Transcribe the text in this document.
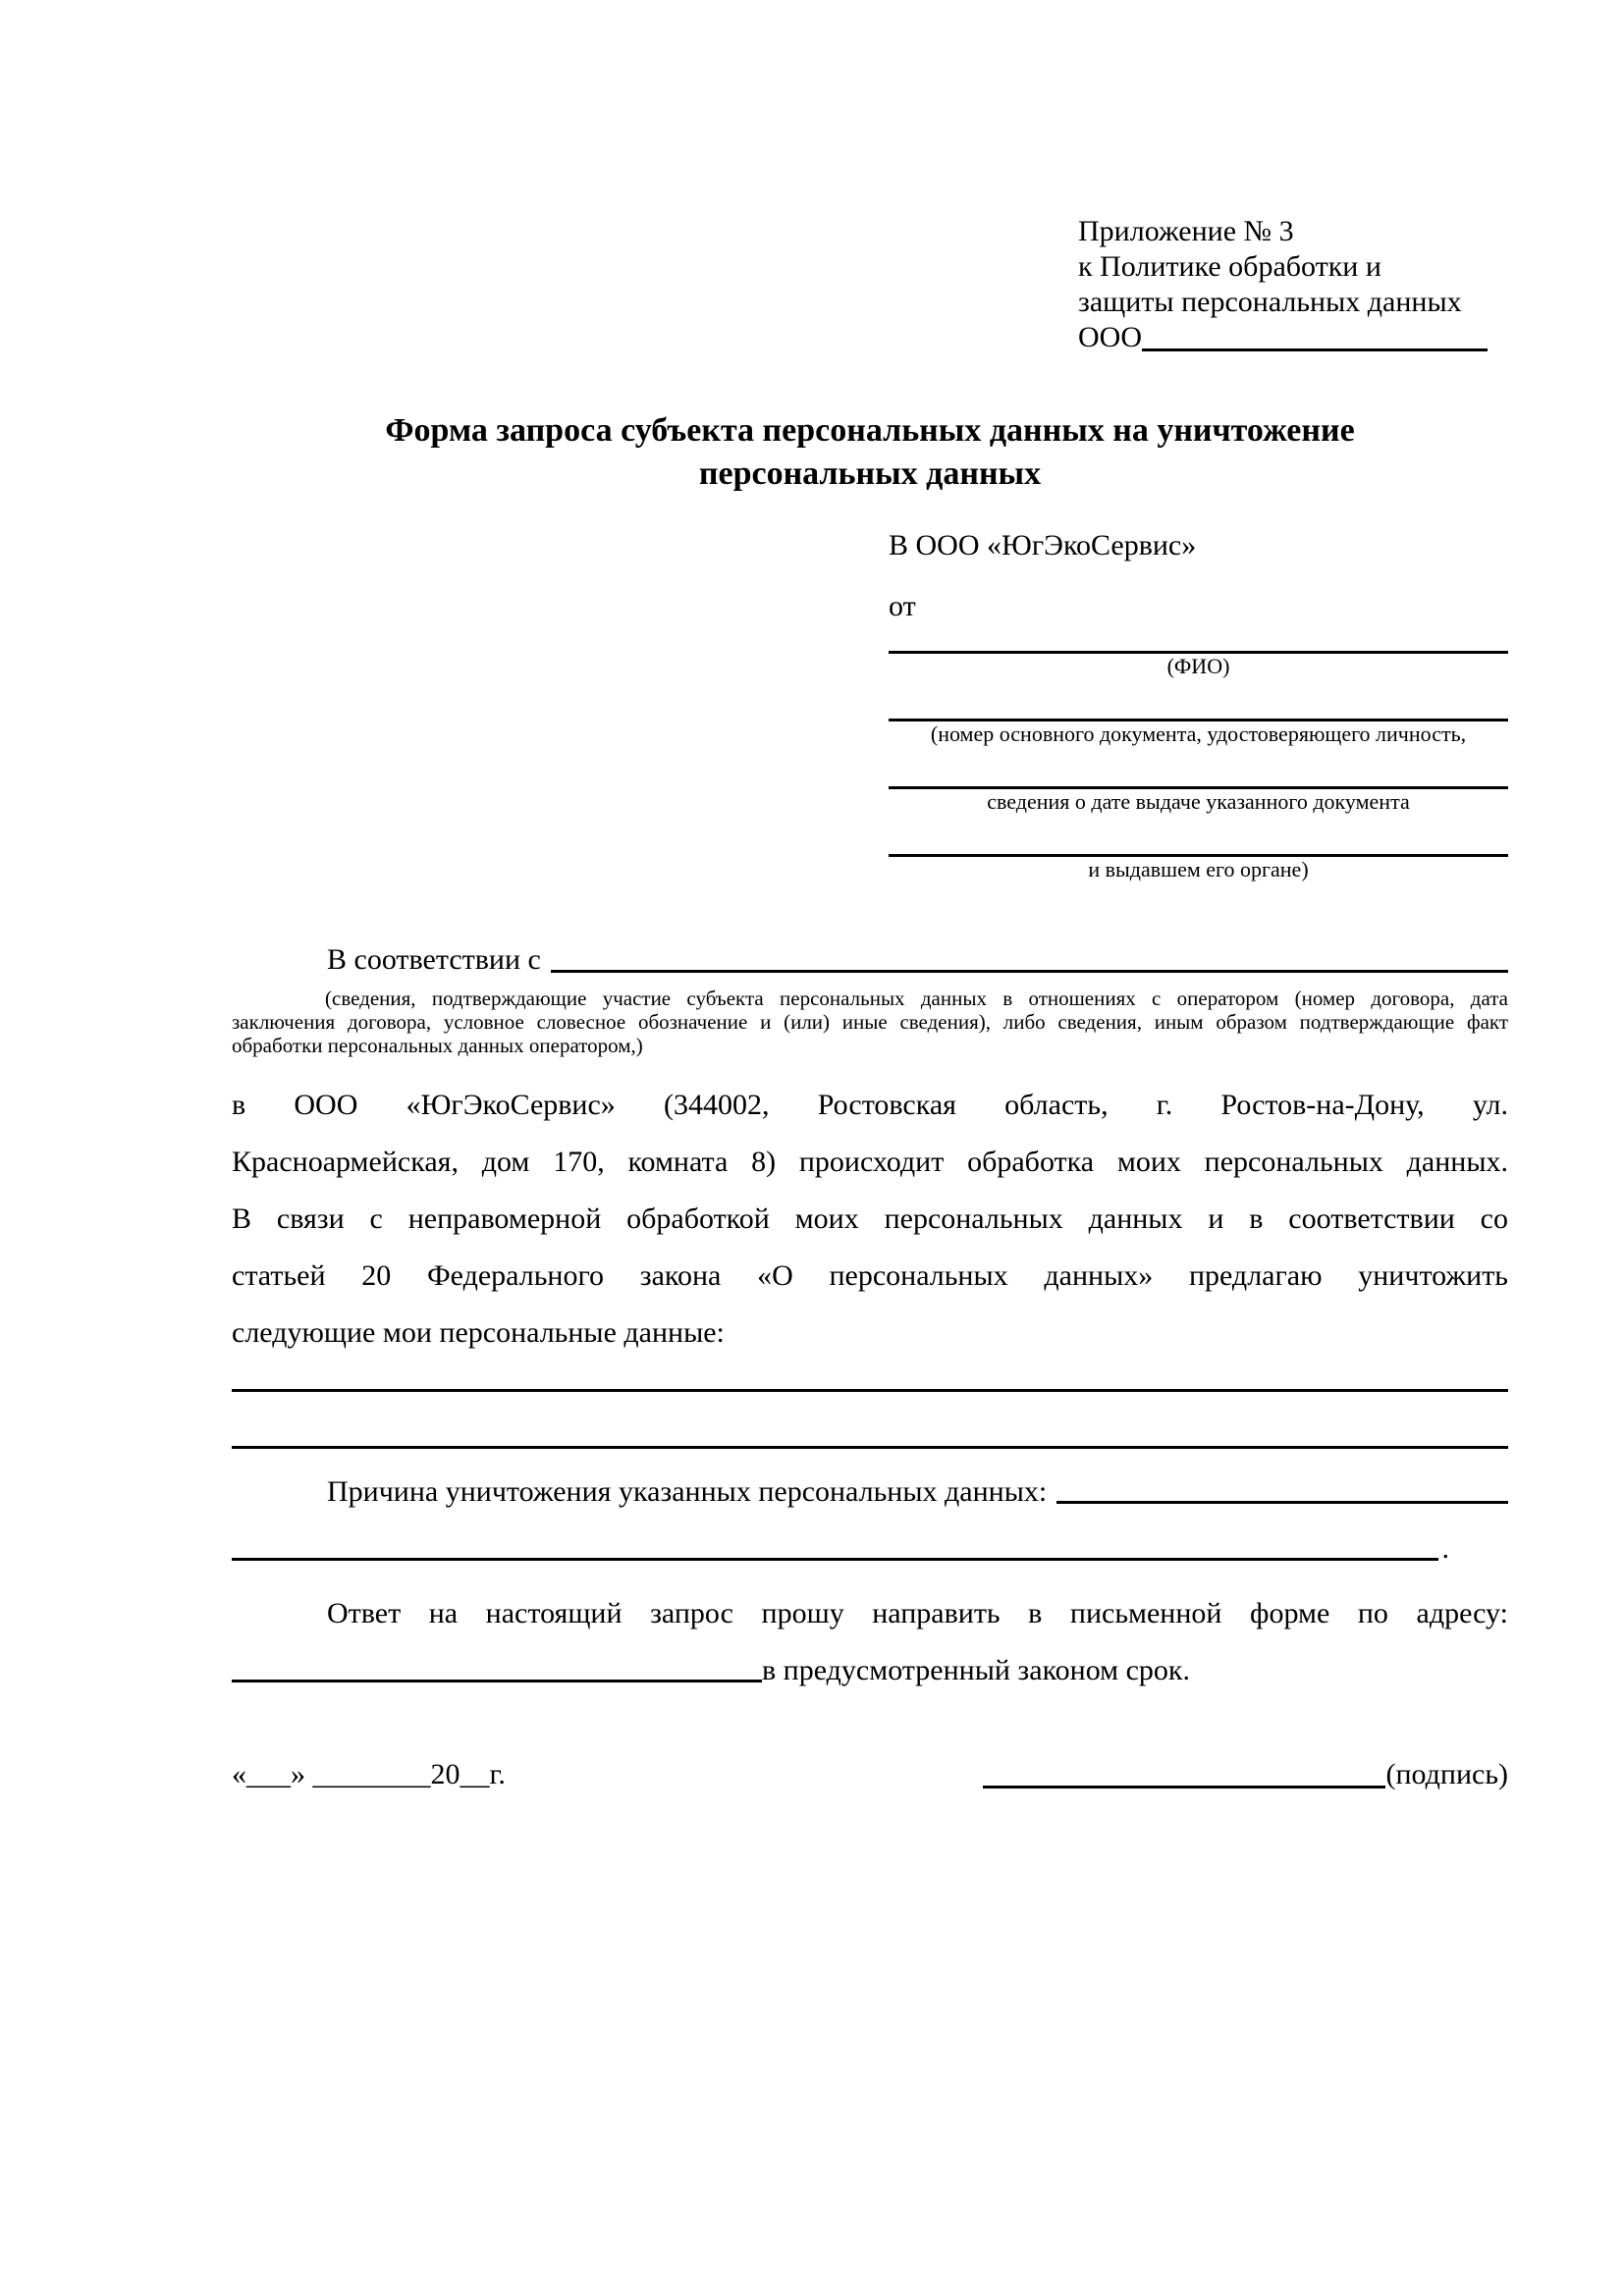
Приложение № 3
к Политике обработки и
защиты персональных данных
ООО
Форма запроса субъекта персональных данных на уничтожение
персональных данных
В ООО «ЮгЭкоСервис»
от
(ФИО)
(номер основного документа, удостоверяющего личность,
сведения о дате выдаче указанного документа
и выдавшем его органе)
В соответствии с
(сведения, подтверждающие участие субъекта персональных данных в отношениях с оператором (номер договора, дата
заключения договора, условное словесное обозначение и (или) иные сведения), либо сведения, иным образом подтверждающие факт
обработки персональных данных оператором,)
в ООО «ЮгЭкоСервис» (344002, Ростовская область, г. Ростов-на-Дону, ул.
Красноармейская, дом 170, комната 8) происходит обработка моих персональных данных.
В связи с неправомерной обработкой моих персональных данных и в соответствии со
статьей 20 Федерального закона «О персональных данных» предлагаю уничтожить
следующие мои персональные данные:
Причина уничтожения указанных персональных данных:
.
Ответ на настоящий запрос прошу направить в письменной форме по адресу:
в предусмотренный законом срок.
«___» ________20__г.	(подпись)
